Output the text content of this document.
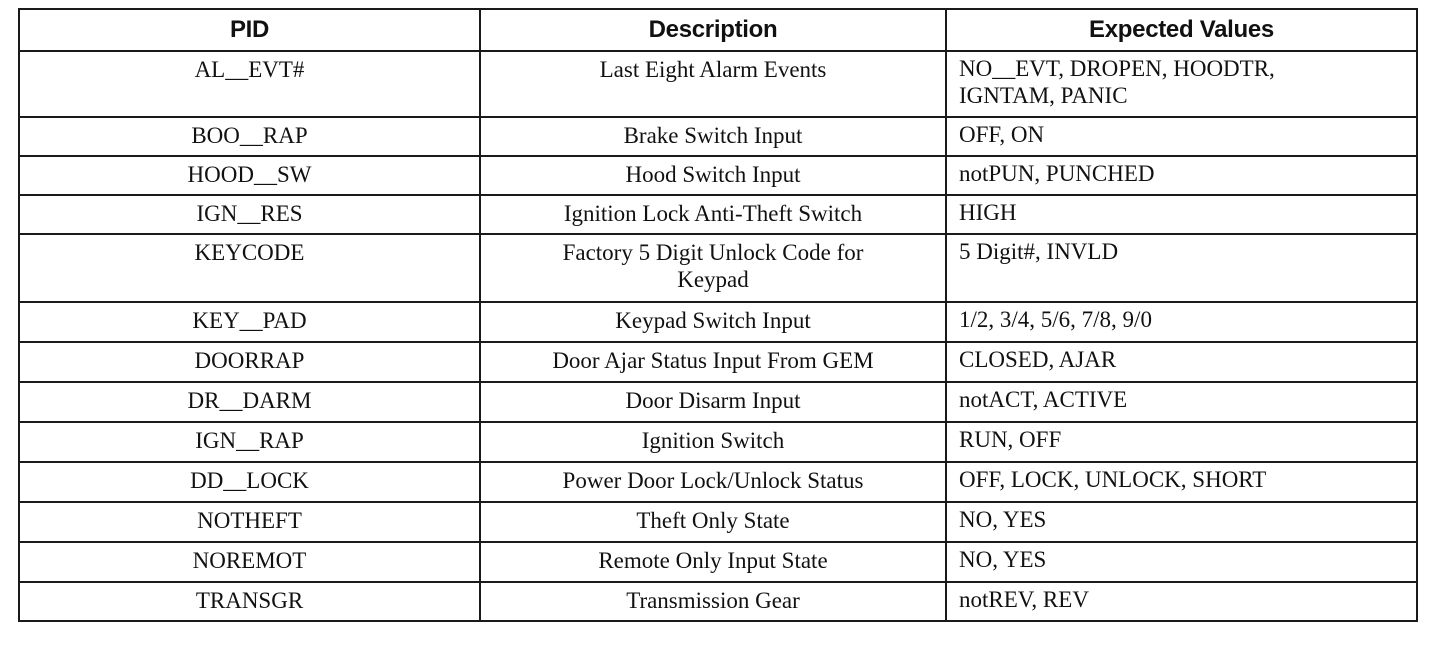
PID	Description	Expected Values
AL__EVT#	Last Eight Alarm Events	NO__EVT, DROPEN, HOODTR, IGNTAM, PANIC
BOO__RAP	Brake Switch Input	OFF, ON
HOOD__SW	Hood Switch Input	notPUN, PUNCHED
IGN__RES	Ignition Lock Anti-Theft Switch	HIGH
KEYCODE	Factory 5 Digit Unlock Code for Keypad	5 Digit#, INVLD
KEY__PAD	Keypad Switch Input	1/2, 3/4, 5/6, 7/8, 9/0
DOORRAP	Door Ajar Status Input From GEM	CLOSED, AJAR
DR__DARM	Door Disarm Input	notACT, ACTIVE
IGN__RAP	Ignition Switch	RUN, OFF
DD__LOCK	Power Door Lock/Unlock Status	OFF, LOCK, UNLOCK, SHORT
NOTHEFT	Theft Only State	NO, YES
NOREMOT	Remote Only Input State	NO, YES
TRANSGR	Transmission Gear	notREV, REV
